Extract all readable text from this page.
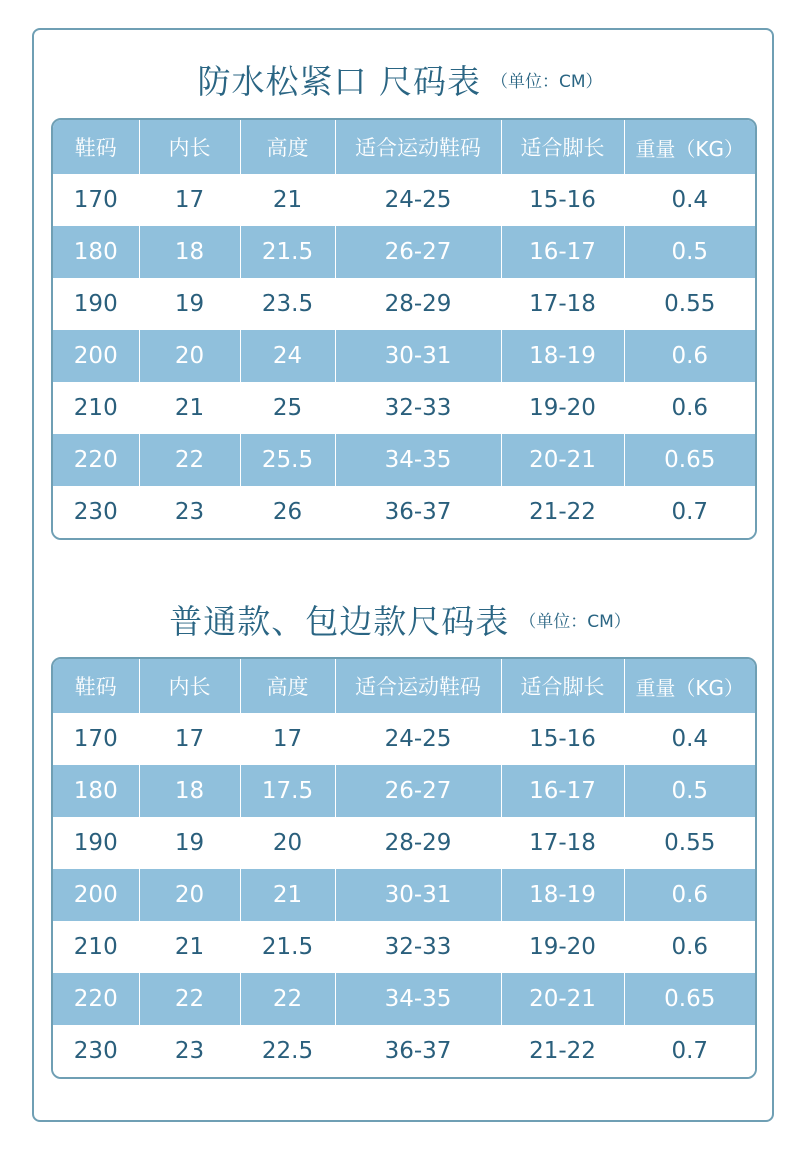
防水松紧口 尺码表 （单位：CM）
鞋码	内长	高度	适合运动鞋码	适合脚长	重量（KG）
170	17	21	24-25	15-16	0.4
180	18	21.5	26-27	16-17	0.5
190	19	23.5	28-29	17-18	0.55
200	20	24	30-31	18-19	0.6
210	21	25	32-33	19-20	0.6
220	22	25.5	34-35	20-21	0.65
230	23	26	36-37	21-22	0.7
普通款、包边款尺码表 （单位：CM）
鞋码	内长	高度	适合运动鞋码	适合脚长	重量（KG）
170	17	17	24-25	15-16	0.4
180	18	17.5	26-27	16-17	0.5
190	19	20	28-29	17-18	0.55
200	20	21	30-31	18-19	0.6
210	21	21.5	32-33	19-20	0.6
220	22	22	34-35	20-21	0.65
230	23	22.5	36-37	21-22	0.7
